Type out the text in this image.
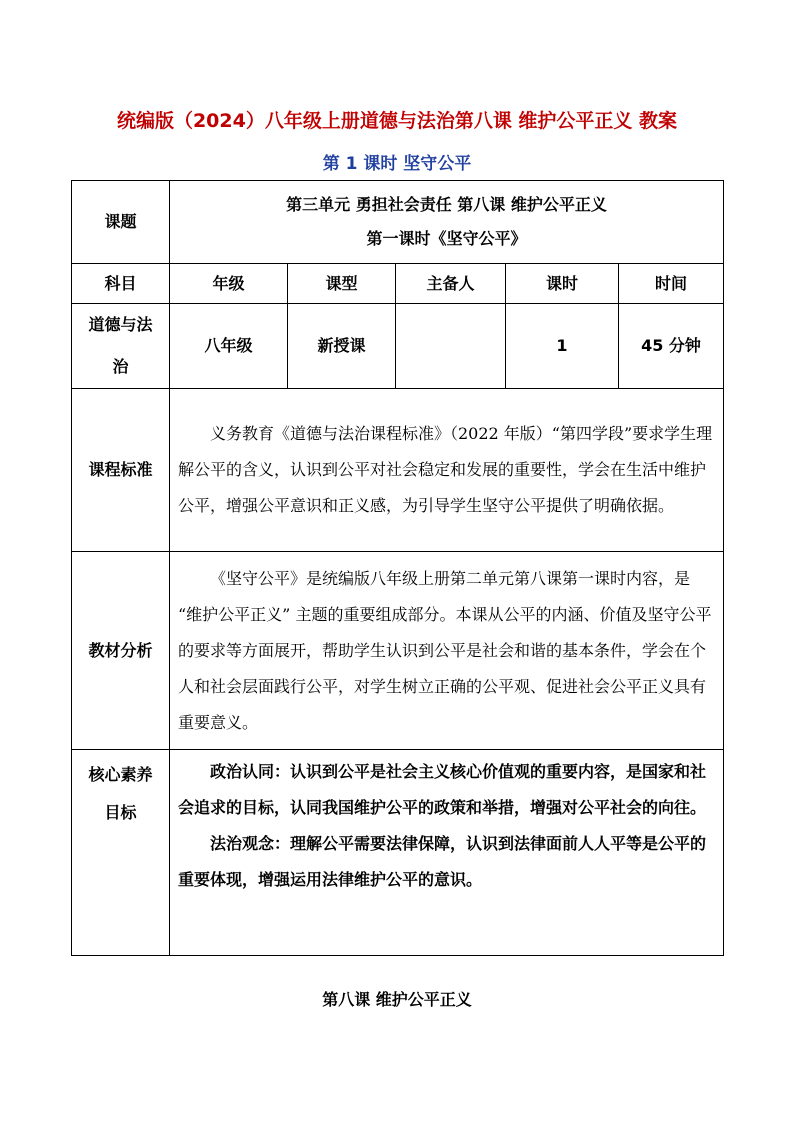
统编版（2024）八年级上册道德与法治第八课 维护公平正义 教案
第 1 课时 坚守公平
课题	第三单元 勇担社会责任 第八课 维护公平正义
第一课时《坚守公平》				

科目	年级	课型	主备人	课时	时间
道德与法治	八年级	新授课		1	45 分钟
课程标准	义务教育《道德与法治课程标准》（2022 年版）“第四学段”要求学生理解公平的含义，认识到公平对社会稳定和发展的重要性，学会在生活中维护公平，增强公平意识和正义感，为引导学生坚守公平提供了明确依据。				

教材分析	《坚守公平》是统编版八年级上册第二单元第八课第一课时内容，是 “维护公平正义” 主题的重要组成部分。本课从公平的内涵、价值及坚守公平的要求等方面展开，帮助学生认识到公平是社会和谐的基本条件，学会在个人和社会层面践行公平，对学生树立正确的公平观、促进社会公平正义具有重要意义。				

核心素养目标	政治认同：认识到公平是社会主义核心价值观的重要内容，是国家和社会追求的目标，认同我国维护公平的政策和举措，增强对公平社会的向往。

法治观念：理解公平需要法律保障，认识到法律面前人人平等是公平的重要体现，增强运用法律维护公平的意识。				

第八课 维护公平正义
